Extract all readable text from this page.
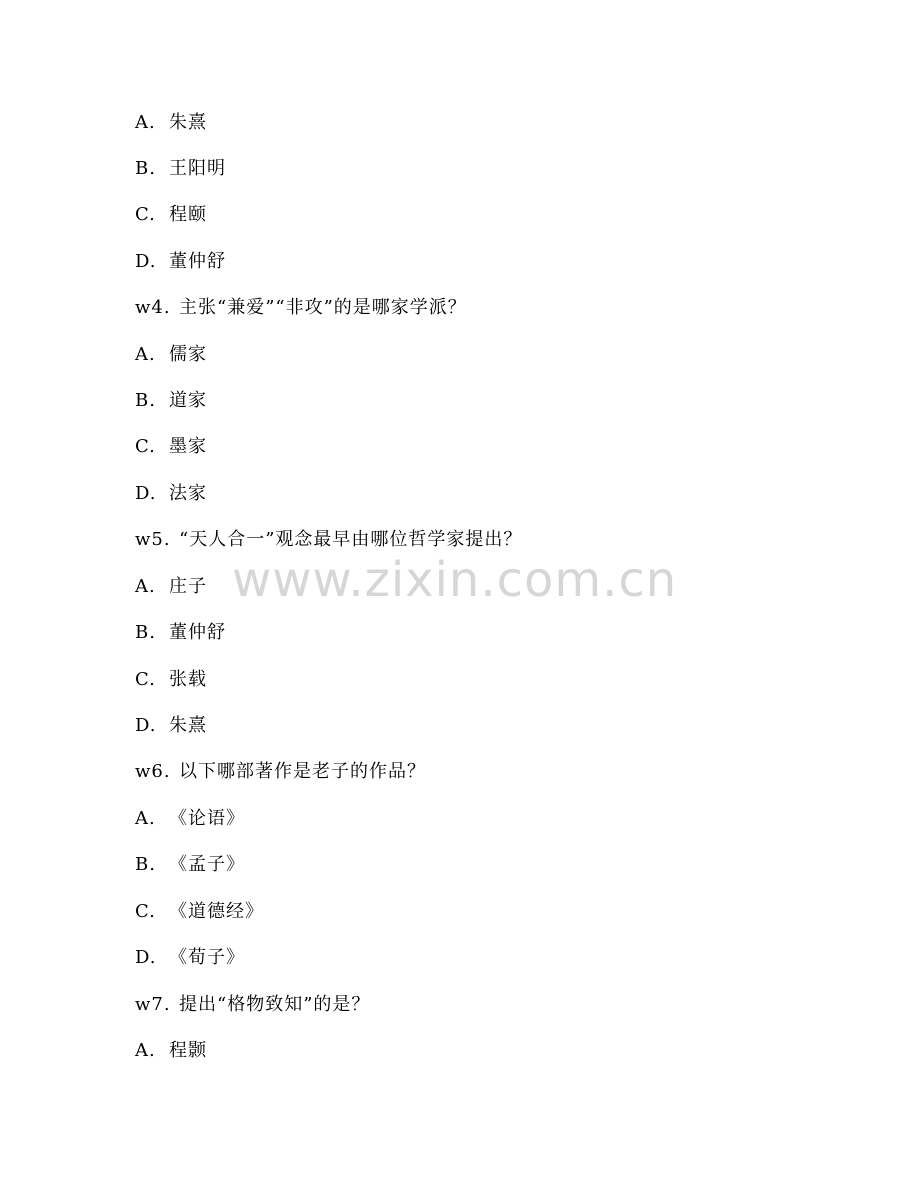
A. 朱熹
B. 王阳明
C. 程颐
D. 董仲舒
w4. 主张“兼爱”“非攻”的是哪家学派？
A. 儒家
B. 道家
C. 墨家
D. 法家
w5. “天人合一”观念最早由哪位哲学家提出？
A. 庄子
B. 董仲舒
C. 张载
D. 朱熹
w6. 以下哪部著作是老子的作品？
A. 《论语》
B. 《孟子》
C. 《道德经》
D. 《荀子》
w7. 提出“格物致知”的是？
A. 程颢
www.zixin.com.cn
